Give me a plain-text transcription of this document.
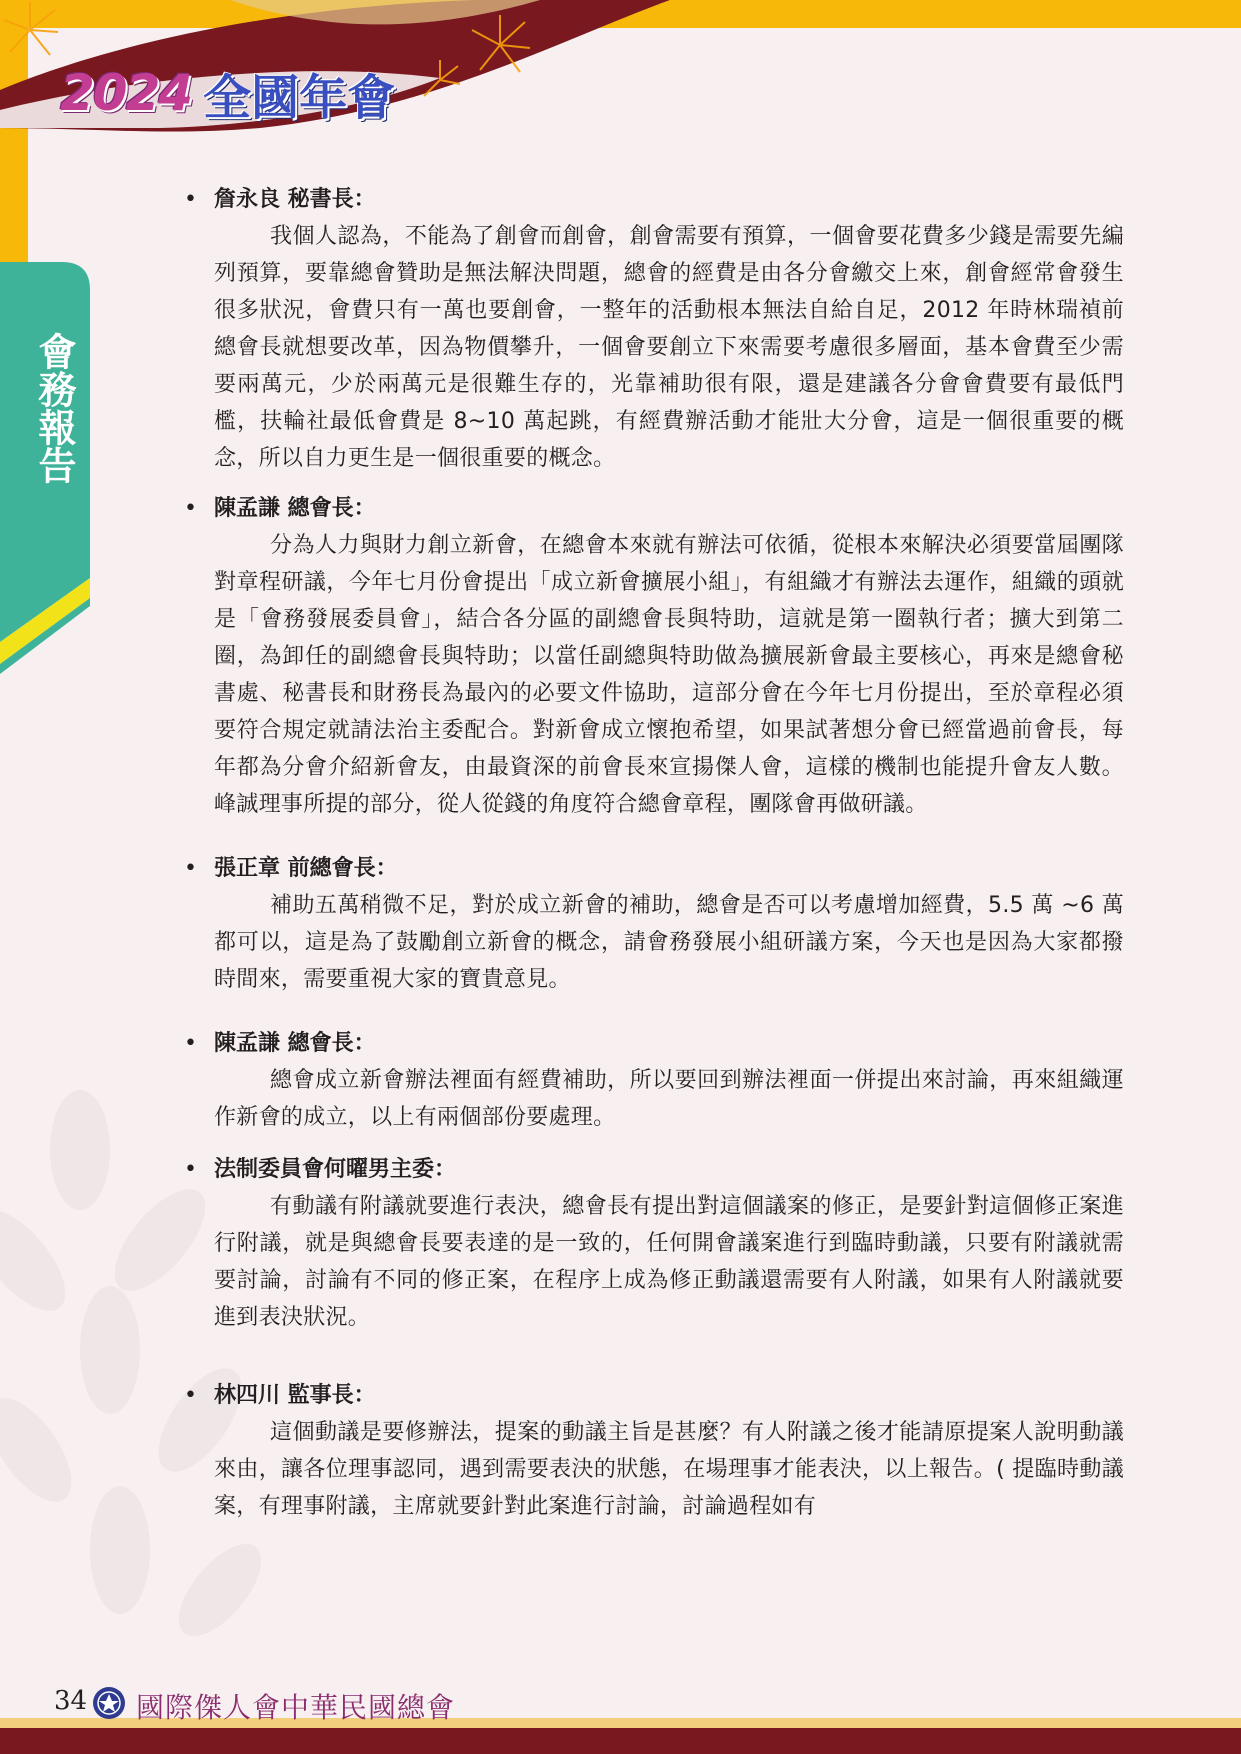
2024 全國年會
會務報告
• 詹永良 秘書長：
我個人認為，不能為了創會而創會，創會需要有預算，一個會要花費多少錢是需要先編列預算，要靠總會贊助是無法解決問題，總會的經費是由各分會繳交上來，創會經常會發生很多狀況，會費只有一萬也要創會，一整年的活動根本無法自給自足，2012 年時林瑞禎前總會長就想要改革，因為物價攀升，一個會要創立下來需要考慮很多層面，基本會費至少需要兩萬元，少於兩萬元是很難生存的，光靠補助很有限，還是建議各分會會費要有最低門檻，扶輪社最低會費是 8~10 萬起跳，有經費辦活動才能壯大分會，這是一個很重要的概念，所以自力更生是一個很重要的概念。
• 陳孟謙 總會長：
分為人力與財力創立新會，在總會本來就有辦法可依循，從根本來解決必須要當屆團隊對章程研議，今年七月份會提出「成立新會擴展小組」，有組織才有辦法去運作，組織的頭就是「會務發展委員會」，結合各分區的副總會長與特助，這就是第一圈執行者；擴大到第二圈，為卸任的副總會長與特助；以當任副總與特助做為擴展新會最主要核心，再來是總會秘書處、秘書長和財務長為最內的必要文件協助，這部分會在今年七月份提出，至於章程必須要符合規定就請法治主委配合。對新會成立懷抱希望，如果試著想分會已經當過前會長，每年都為分會介紹新會友，由最資深的前會長來宣揚傑人會，這樣的機制也能提升會友人數。峰誠理事所提的部分，從人從錢的角度符合總會章程，團隊會再做研議。
• 張正章 前總會長：
補助五萬稍微不足，對於成立新會的補助，總會是否可以考慮增加經費，5.5 萬 ~6 萬都可以，這是為了鼓勵創立新會的概念，請會務發展小組研議方案，今天也是因為大家都撥時間來，需要重視大家的寶貴意見。
• 陳孟謙 總會長：
總會成立新會辦法裡面有經費補助，所以要回到辦法裡面一併提出來討論，再來組織運作新會的成立，以上有兩個部份要處理。
• 法制委員會何曜男主委：
有動議有附議就要進行表決，總會長有提出對這個議案的修正，是要針對這個修正案進行附議，就是與總會長要表達的是一致的，任何開會議案進行到臨時動議，只要有附議就需要討論，討論有不同的修正案，在程序上成為修正動議還需要有人附議，如果有人附議就要進到表決狀況。
• 林四川 監事長：
這個動議是要修辦法，提案的動議主旨是甚麼？有人附議之後才能請原提案人說明動議來由，讓各位理事認同，遇到需要表決的狀態，在場理事才能表決，以上報告。( 提臨時動議案，有理事附議，主席就要針對此案進行討論，討論過程如有
34 國際傑人會中華民國總會
